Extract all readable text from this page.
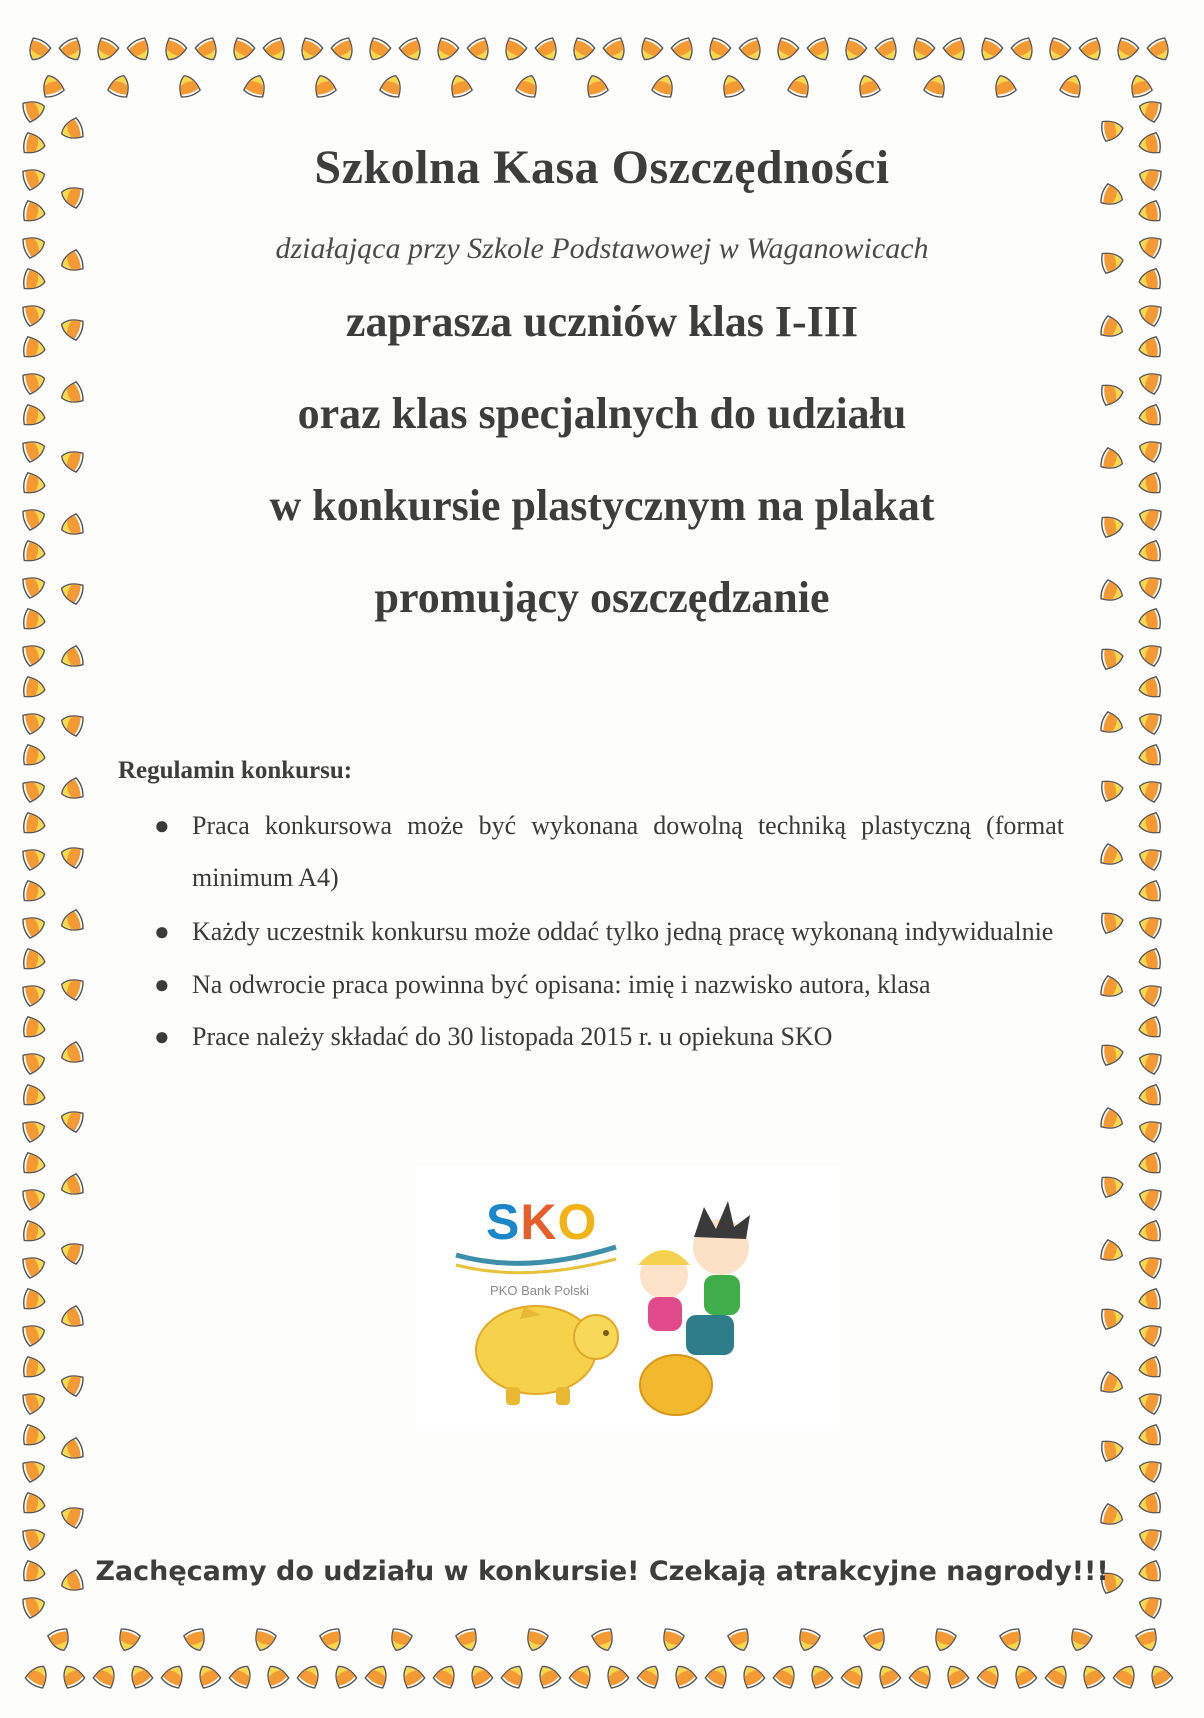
Szkolna Kasa Oszczędności
działająca przy Szkole Podstawowej w Waganowicach
zaprasza uczniów klas I-III
oraz klas specjalnych do udziału
w konkursie plastycznym na plakat
promujący oszczędzanie
Regulamin konkursu:
● Praca konkursowa może być wykonana dowolną techniką plastyczną (format minimum A4)
● Każdy uczestnik konkursu może oddać tylko jedną pracę wykonaną indywidualnie
● Na odwrocie praca powinna być opisana: imię i nazwisko autora, klasa
● Prace należy składać do 30 listopada 2015 r. u opiekuna SKO
SKO
PKO Bank Polski
Zachęcamy do udziału w konkursie! Czekają atrakcyjne nagrody!!!
